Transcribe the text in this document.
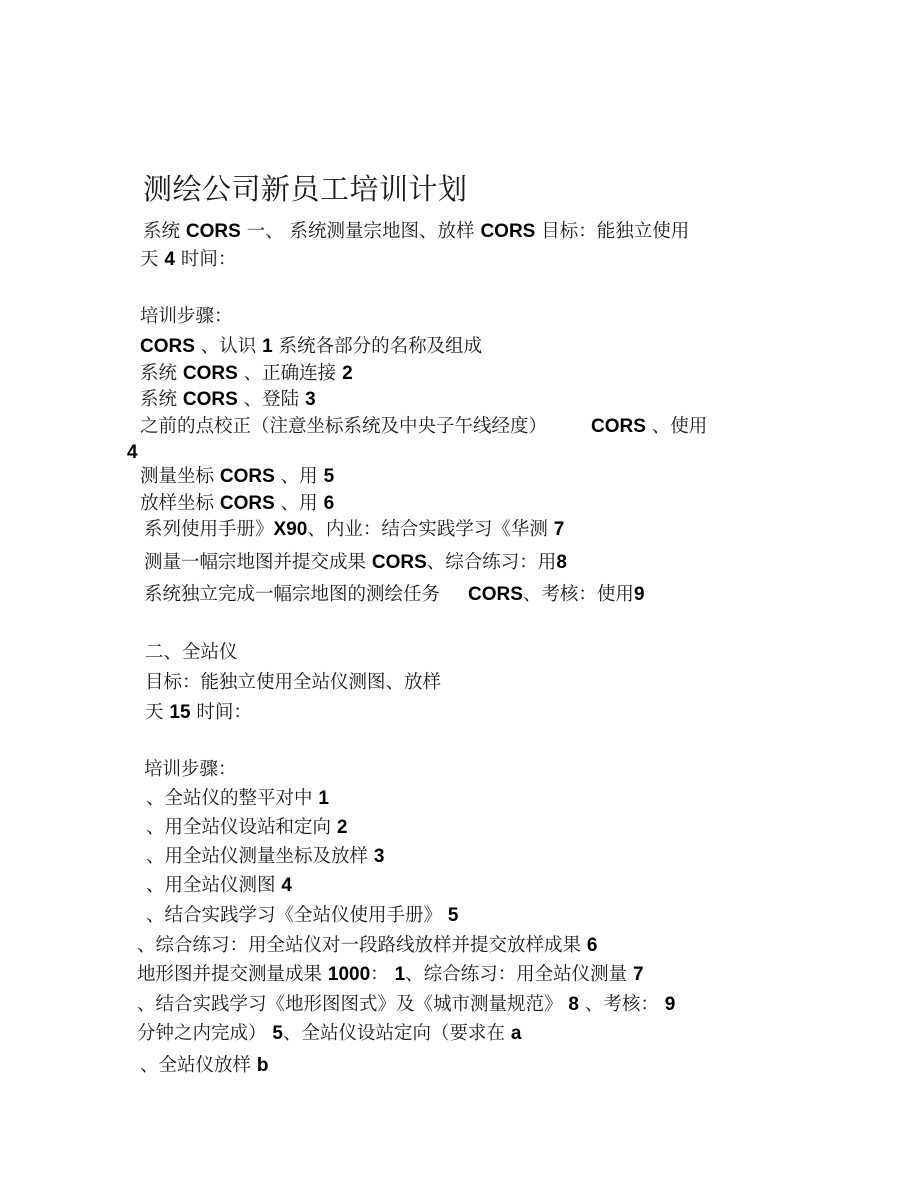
测绘公司新员工培训计划
系统 CORS 一、 系统测量宗地图、放样 CORS 目标：能独立使用
天 4 时间：
培训步骤：
CORS 、认识 1 系统各部分的名称及组成
系统 CORS 、正确连接 2
系统 CORS 、登陆 3
之前的点校正（注意坐标系统及中央子午线经度） CORS 、使用
4
测量坐标 CORS 、用 5
放样坐标 CORS 、用 6
系列使用手册》X90、内业：结合实践学习《华测 7
测量一幅宗地图并提交成果 CORS、综合练习：用8
系统独立完成一幅宗地图的测绘任务 CORS、考核：使用9
二、全站仪
目标：能独立使用全站仪测图、放样
天 15 时间：
培训步骤：
、全站仪的整平对中 1
、用全站仪设站和定向 2
、用全站仪测量坐标及放样 3
、用全站仪测图 4
、结合实践学习《全站仪使用手册》 5
、综合练习：用全站仪对一段路线放样并提交放样成果 6
地形图并提交测量成果 1000： 1、综合练习：用全站仪测量 7
、结合实践学习《地形图图式》及《城市测量规范》 8 、考核： 9
分钟之内完成） 5、全站仪设站定向（要求在 a
、全站仪放样 b
